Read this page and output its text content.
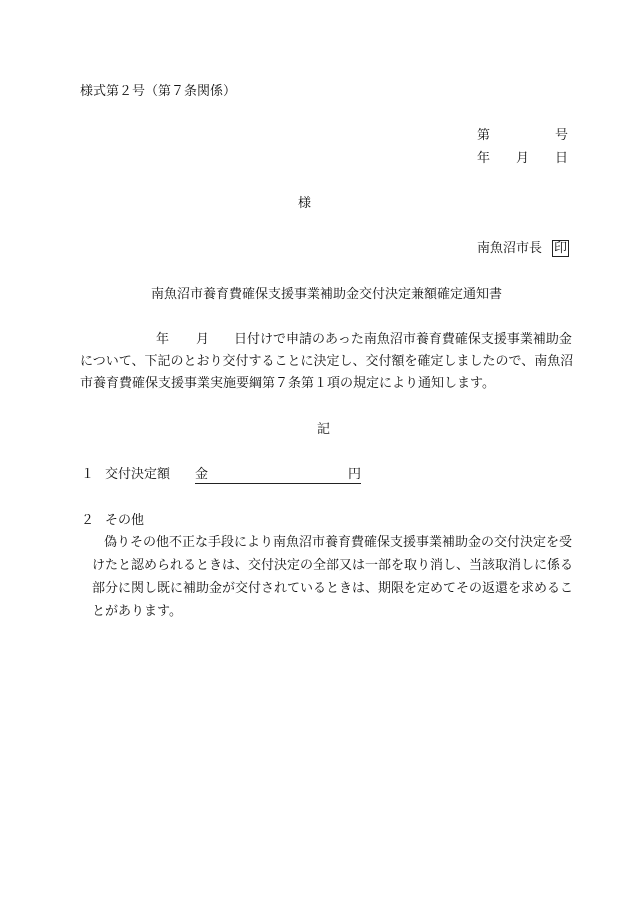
様式第２号（第７条関係）
第	号
年 月 日
様
南魚沼市長 印
南魚沼市養育費確保支援事業補助金交付決定兼額確定通知書
年 月 日付けで申請のあった南魚沼市養育費確保支援事業補助金
について、下記のとおり交付することに決定し、交付額を確定しましたので、南魚沼
市養育費確保支援事業実施要綱第７条第１項の規定により通知します。
記
１ 交付決定額 金	円
２ その他
偽りその他不正な手段により南魚沼市養育費確保支援事業補助金の交付決定を受
けたと認められるときは、交付決定の全部又は一部を取り消し、当該取消しに係る
部分に関し既に補助金が交付されているときは、期限を定めてその返還を求めるこ
とがあります。
